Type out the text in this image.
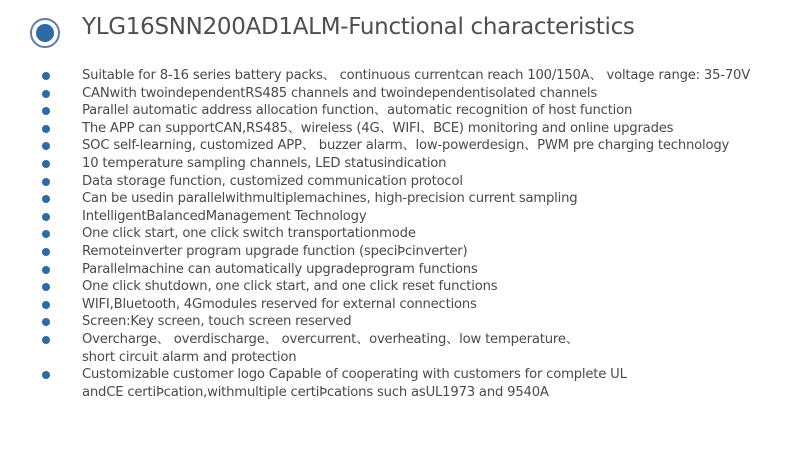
YLG16SNN200AD1ALM-Functional characteristics
Suitable for 8-16 series battery packs、 continuous currentcan reach 100/150A、 voltage range: 35-70V
CANwith twoindependentRS485 channels and twoindependentisolated channels
Parallel automatic address allocation function、automatic recognition of host function
The APP can supportCAN,RS485、wireless (4G、WIFI、BCE) monitoring and online upgrades
SOC self-learning, customized APP、 buzzer alarm、low-powerdesign、PWM pre charging technology
10 temperature sampling channels, LED statusindication
Data storage function, customized communication protocol
Can be usedin parallelwithmultiplemachines, high-precision current sampling
IntelligentBalancedManagement Technology
One click start, one click switch transportationmode
Remoteinverter program upgrade function (speciÞcinverter)
Parallelmachine can automatically upgradeprogram functions
One click shutdown, one click start, and one click reset functions
WIFI,Bluetooth, 4Gmodules reserved for external connections
Screen:Key screen, touch screen reserved
Overcharge、 overdischarge、 overcurrent、overheating、low temperature、
short circuit alarm and protection
Customizable customer logo Capable of cooperating with customers for complete UL
andCE certiÞcation,withmultiple certiÞcations such asUL1973 and 9540A
